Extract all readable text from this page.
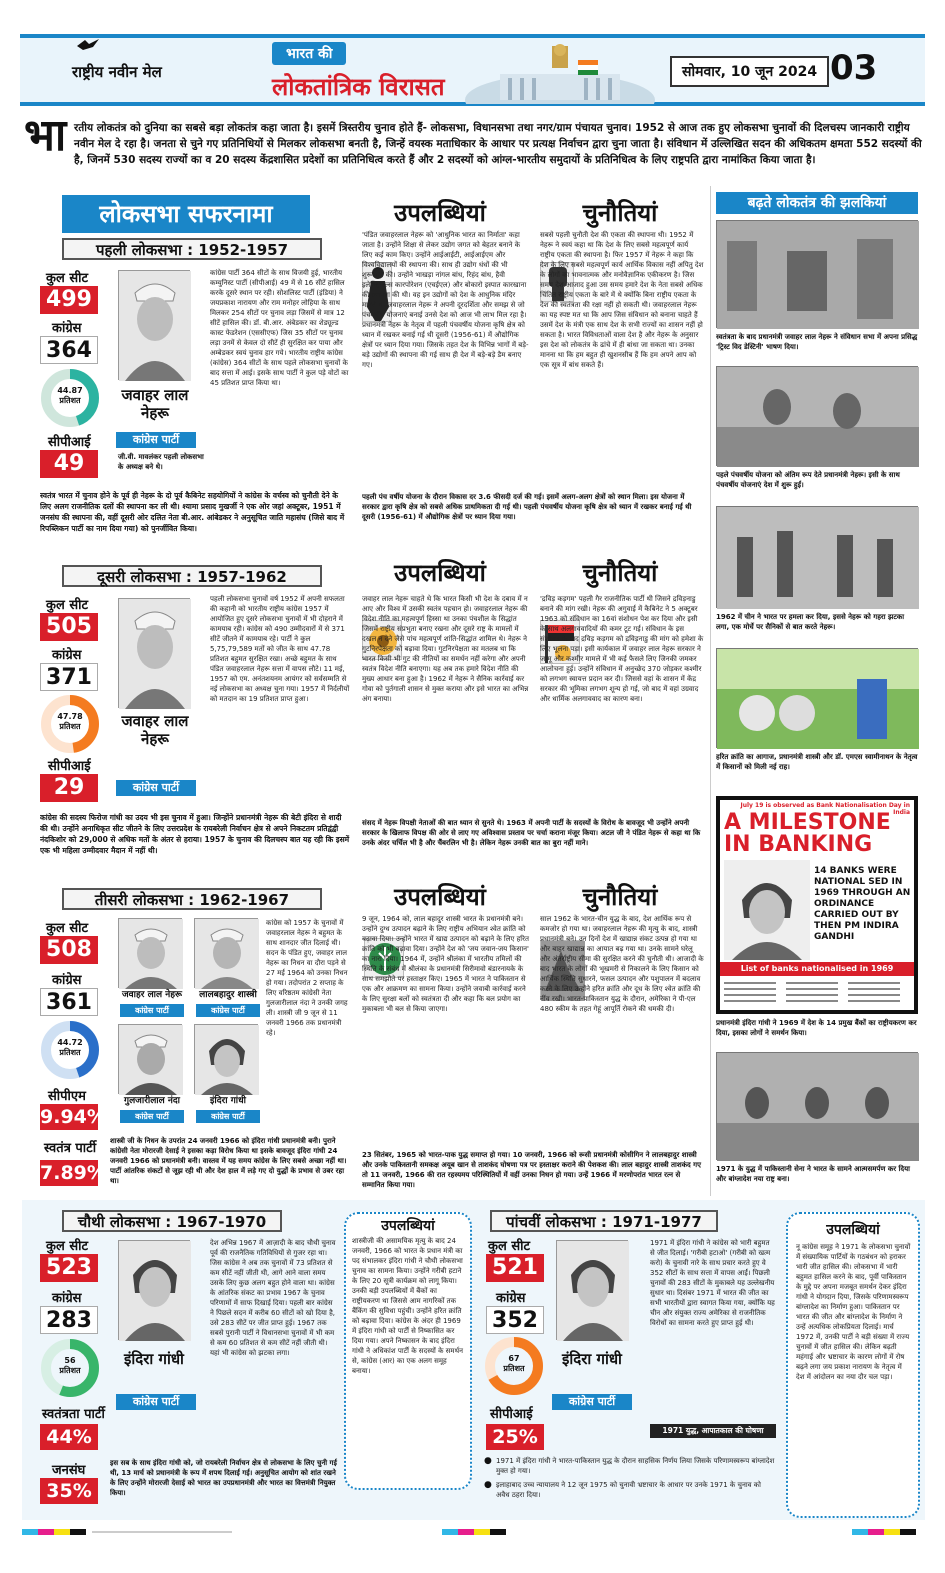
राष्ट्रीय नवीन मेल
भारत की
लोकतांत्रिक विरासत
सोमवार, 10 जून 2024 03
भा रतीय लोकतंत्र को दुनिया का सबसे बड़ा लोकतंत्र कहा जाता है। इसमें त्रिस्तरीय चुनाव होते हैं- लोकसभा, विधानसभा तथा नगर/ग्राम पंचायत चुनाव। 1952 से आज तक हुए लोकसभा चुनावों की दिलचस्प जानकारी राष्ट्रीय नवीन मेल दे रहा है। जनता से चुने गए प्रतिनिधियों से मिलकर लोकसभा बनती है, जिन्हें वयस्क मताधिकार के आधार पर प्रत्यक्ष निर्वाचन द्वारा चुना जाता है। संविधान में उल्लिखित सदन की अधिकतम क्षमता 552 सदस्यों की है, जिनमें 530 सदस्य राज्यों का व 20 सदस्य केंद्रशासित प्रदेशों का प्रतिनिधित्व करते हैं और 2 सदस्यों को आंग्ल-भारतीय समुदायों के प्रतिनिधित्व के लिए राष्ट्रपति द्वारा नामांकित किया जाता है।
लोकसभा सफरनामा
पहली लोकसभा : 1952-1957
कुल सीट
499
कांग्रेस
364
44.87
प्रतिशत
सीपीआई
49
जवाहर लाल नेहरू
कांग्रेस पार्टी
जी.वी. मावलंकर पहली लोकसभा के अध्यक्ष बने थे।
कांग्रेस पार्टी 364 सीटों के साथ विजयी हुई, भारतीय कम्युनिस्ट पार्टी (सीपीआई) 49 में से 16 सीटें हासिल करके दूसरे स्थान पर रही। सोशलिस्ट पार्टी (इंडिया) ने जयप्रकाश नारायण और राम मनोहर लोहिया के साथ मिलकर 254 सीटों पर चुनाव लड़ा जिसमें से मात्र 12 सीटें हासिल की। डॉ. बी.आर. अंबेडकर का शेड्यूल्ड कास्ट फेडरेशन (एससीएफ) जिस 35 सीटों पर चुनाव लड़ा उनमें से केवल दो सीटें ही सुरक्षित कर पाया और अम्बेडकर स्वयं चुनाव हार गये। भारतीय राष्ट्रीय कांग्रेस (कांग्रेस) 364 सीटों के साथ पहले लोकसभा चुनावों के बाद सत्ता में आई। इसके साथ पार्टी ने कुल पड़े वोटों का 45 प्रतिशत प्राप्त किया था।
स्वतंत्र भारत में चुनाव होने के पूर्व ही नेहरू के दो पूर्व कैबिनेट सहयोगियों ने कांग्रेस के वर्चस्व को चुनौती देने के लिए अलग राजनीतिक दलों की स्थापना कर ली थी। श्यामा प्रसाद मुखर्जी ने एक ओर जहां अक्टूबर, 1951 में जनसंघ की स्थापना की, वहीं दूसरी ओर दलित नेता बी.आर. आंबेडकर ने अनुसूचित जाति महासंघ (जिसे बाद में रिपब्लिकन पार्टी का नाम दिया गया) को पुनर्जीवित किया।
उपलब्धियां	चुनौतियां
'पंडित जवाहरलाल नेहरू को 'आधुनिक भारत का निर्माता' कहा जाता है। उन्होंने शिक्षा से लेकर उद्योग जगत को बेहतर बनाने के लिए कई काम किए। उन्होंने आईआईटी, आईआईएम और विश्वविद्यालयों की स्थापना की। साथ ही उद्योग धंधों की भी शुरूआत की। उन्होंने भाखड़ा नांगल बांध, रिहंद बांध, हैवी इलेक्ट्रिकल्स कारपोरेशन (एचईएल) और बोकारो इस्पात कारखाना की स्थापना की थी। वह इन उद्योगों को देश के आधुनिक मंदिर मानते थे। जवाहरलाल नेहरू ने अपनी दूरदर्शिता और समझ से जो पंचवर्षीय योजनाएं बनाई उनसे देश को आज भी लाभ मिल रहा है। प्रधानमंत्री नेहरू के नेतृत्व में पहली पंचवर्षीय योजना कृषि क्षेत्र को ध्यान में रखकर बनाई गई थी दूसरी (1956-61) में औद्योगिक क्षेत्रों पर ध्यान दिया गया। जिसके तहत देश के विभिन्न भागों में बड़े-बड़े उद्योगों की स्थापना की गई साथ ही देश में बड़े-बड़े डैम बनाए गए।
सबसे पहली चुनौती देश की एकता की स्थापना थी। 1952 में नेहरू ने स्वयं कहा था कि देश के लिए सबसे महत्वपूर्ण कार्य राष्ट्रीय एकता की स्थापना है। फिर 1957 में नेहरू ने कहा कि देश के लिए सबसे महत्वपूर्ण कार्य आर्थिक विकास नहीं अपितु देश के लोगों का भावनात्मक और मनोवैज्ञानिक एकीकरण है। जिस समय देश आजाद हुआ उस समय हमारे देश के नेता सबसे अधिक चिंतित राष्ट्रीय एकता के बारे में थे क्योंकि बिना राष्ट्रीय एकता के देश की स्वतंत्रता की रक्षा नहीं हो सकती थी। जवाहरलाल नेहरू का यह स्पष्ट मत था कि आप जिस संविधान को बनाना चाहते हैं उसमें देश के मंत्री एक साथ देश के सभी राज्यों का शासन नहीं हो सकता है। भारत विविधताओं वाला देश है और नेहरू के अनुसार इस देश को लोकतंत्र के ढांचे में ही बांधा जा सकता था। उनका मानना था कि हम बहुत ही खुशनसीब हैं कि हम अपने आप को एक सूत्र में बांध सकते हैं।
पहली पंच वर्षीय योजना के दौरान विकास दर 3.6 फीसदी दर्ज की गई। इसमें अलग-अलग क्षेत्रों को स्थान मिला। इस योजना में सरकार द्वारा कृषि क्षेत्र को सबसे अधिक प्राथमिकता दी गई थी। पहली पंचवर्षीय योजना कृषि क्षेत्र को ध्यान में रखकर बनाई गई थी दूसरी (1956-61) में औद्योगिक क्षेत्रों पर ध्यान दिया गया।
दूसरी लोकसभा : 1957-1962
कुल सीट
505
कांग्रेस
371
47.78
प्रतिशत
सीपीआई
29
जवाहर लाल नेहरू
कांग्रेस पार्टी
पहली लोकसभा चुनावों वर्ष 1952 में अपनी सफलता की कहानी को भारतीय राष्ट्रीय कांग्रेस 1957 में आयोजित हुए दूसरे लोकसभा चुनावों में भी दोहराने में कामयाब रही। कांग्रेस को 490 उम्मीदवारों में से 371 सीटें जीतने में कामयाब रहे। पार्टी ने कुल 5,75,79,589 मतों को जीत के साथ 47.78 प्रतिशत बहुमत सुरक्षित रखा। अच्छे बहुमत के साथ पंडित जवाहरलाल नेहरू सत्ता में वापस लौटे। 11 मई, 1957 को एम. अनंतशयनम आयंगर को सर्वसम्मति से नई लोकसभा का अध्यक्ष चुना गया। 1957 में निर्दलीयों को मतदान का 19 प्रतिशत प्राप्त हुआ।
कांग्रेस की सदस्य फिरोज गांधी का उदय भी इस चुनाव में हुआ। जिन्होंने प्रधानमंत्री नेहरू की बेटी इंदिरा से शादी की थी। उन्होंने अनाधिकृत सीट जीतने के लिए उत्तरप्रदेश के रायबरेली निर्वाचन क्षेत्र से अपने निकटतम प्रतिद्वंद्वी नंदकिशोर को 29,000 से अधिक मतों के अंतर से हराया। 1957 के चुनाव की दिलचस्प बात यह रही कि इसमें एक भी महिला उम्मीदवार मैदान में नहीं थी।
उपलब्धियां	चुनौतियां
जवाहर लाल नेहरू चाहते थे कि भारत किसी भी देश के दबाव में न आए और विश्व में उसकी स्वतंत्र पहचान हो। जवाहरलाल नेहरू की विदेश नीति का महत्वपूर्ण हिस्सा था उनका पंचशील के सिद्धांत जिसमें राष्ट्रीय संप्रभुता बनाए रखना और दूसरे राष्ट्र के मामलों में दखल न देने जैसे पांच महत्वपूर्ण शांति-सिद्धांत शामिल थे। नेहरू ने गुटनिरपेक्षता को बढ़ावा दिया। गुटनिरपेक्षता का मतलब था कि भारत किसी भी गुट की नीतियों का समर्थन नहीं करेगा और अपनी स्वतंत्र विदेश नीति बनाएगा। यह अब तक हमारे विदेश नीति की मुख्य आधार बना हुआ है। 1962 में नेहरू ने सैनिक कार्रवाई कर गोवा को पुर्तगाली शासन से मुक्त कराया और इसे भारत का अभिन्न अंग बनाया।
'द्रविड़ कड़गम' पहली गैर राजनीतिक पार्टी थी जिसने द्रविड़नाडु बनाने की मांग रखी। नेहरू की अगुवाई में कैबिनेट ने 5 अक्टूबर 1963 को संविधान का 16वां संशोधन पेश कर दिया और इसी के साथ अलगाववादियों की कमर टूट गई। संविधान के इस संशोधन के बाद द्रविड़ कड़गम को द्रविड़नाडु की मांग को हमेशा के लिए भूलना पड़ा। इसी कार्यकाल में जवाहर लाल नेहरू सरकार ने जम्मू और कश्मीर मामले में भी कई फैसले लिए जिनकी जमकर आलोचना हुई। उन्होंने संविधान में अनुच्छेद 370 जोड़कर कश्मीर को लगभग स्वायत्त प्रदान कर दी। जिससे वहां के शासन में केंद्र सरकार की भूमिका लगभग शून्य हो गई, जो बाद में वहां उग्रवाद और धार्मिक अलगाववाद का कारण बना।
संसद में नेहरू विपक्षी नेताओं की बात ध्यान से सुनते थे। 1963 में अपनी पार्टी के सदस्यों के विरोध के बावजूद भी उन्होंने अपनी सरकार के खिलाफ विपक्ष की ओर से लाए गए अविश्वास प्रस्ताव पर चर्चा कराना मंजूर किया। अटल जी ने पंडित नेहरू से कहा था कि उनके अंदर चर्चिल भी है और चैंबरलिन भी है। लेकिन नेहरू उनकी बात का बुरा नहीं माने।
तीसरी लोकसभा : 1962-1967
कुल सीट
508
कांग्रेस
361
44.72
प्रतिशत
सीपीएम
9.94%
स्वतंत्र पार्टी
7.89%
जवाहर लाल नेहरू
कांग्रेस पार्टी
लालबहादुर शास्त्री
कांग्रेस पार्टी
गुलजारीलाल नंदा
कांग्रेस पार्टी
इंदिरा गांधी
कांग्रेस पार्टी
कांग्रेस को 1957 के चुनावों में जवाहरलाल नेहरू ने बहुमत के साथ शानदार जीत दिलाई थी। सदन के पंडित हुए, जवाहर लाल नेहरू का निधन वा दौरा पड़ने से 27 मई 1964 को उनका निधन हो गया। तदोपरांत 2 सप्ताह के लिए वरिष्ठतम कांग्रेसी नेता गुलजारीलाल नंदा ने उनकी जगह ली। शास्त्री जी 9 जून से 11 जनवरी 1966 तक प्रधानमंत्री रहे।
शास्त्री जी के निधन के उपरांत 24 जनवरी 1966 को इंदिरा गांधी प्रधानमंत्री बनी। पुराने कांग्रेसी नेता मोरारजी देसाई ने इसका कड़ा विरोध किया था इसके बावजूद इंदिरा गांधी 24 जनवरी 1966 को प्रधानमंत्री बनी। वास्तव में यह समय कांग्रेस के लिए सबसे अच्छा नहीं था। पार्टी आंतरिक संकटों से जूझ रही थी और देश हाल में लड़े गए दो युद्धों के प्रभाव से उबर रहा था।
उपलब्धियां	चुनौतियां
9 जून, 1964 को, लाल बहादुर शास्त्री भारत के प्रधानमंत्री बने। उन्होंने दुग्ध उत्पादन बढ़ाने के लिए राष्ट्रीय अभियान श्वेत क्रांति को बढ़ावा दिया। उन्होंने भारत में खाद्य उत्पादन को बढ़ाने के लिए हरित क्रांति को भी बढ़ावा दिया। उन्होंने देश को 'जय जवान-जय किसान' का नारा दिया। 1964 में, उन्होंने श्रीलंका में भारतीय तमिलों की स्थिति के संबंध में श्रीलंका के प्रधानमंत्री सिरीमावो बंडारनायके के साथ समझौते पर हस्ताक्षर किए। 1965 में भारत ने पाकिस्तान से एक और आक्रमण का सामना किया। उन्होंने जवाबी कार्रवाई करने के लिए सुरक्षा बलों को स्वतंत्रता दी और कहा कि बल प्रयोग का मुकाबला भी बल से किया जाएगा।
साल 1962 के भारत-चीन युद्ध के बाद, देश आर्थिक रूप से कमजोर हो गया था। जवाहरलाल नेहरू की मृत्यु के बाद, शास्त्री प्रधानमंत्री बने। उन दिनों देश में खाद्यान्न संकट उत्पन्न हो गया था और बाहर खाद्यान्न का आयात बढ़ गया था। उनके सामने घरेलू और अंतर्राष्ट्रीय सीमा की सुरक्षित करने की चुनौती थी। आजादी के बाद भारत के लोगों की भूखमरी से निकालने के लिए किसान को आर्थिक स्थिति सुधारने, फसल उत्पादन और पशुपालन में बदलाव करने के लिए उन्होंने हरित क्रांति और दूध के लिए श्वेत क्रांति की नींव रखी। भारत-पाकिस्तान युद्ध के दौरान, अमेरिका ने पी-एल 480 स्कीम के तहत गेहूं आपूर्ति रोकने की धमकी दी।
23 सितंबर, 1965 को भारत-पाक युद्ध समाप्त हो गया। 10 जनवरी, 1966 को रूसी प्रधानमंत्री कोसीगिन ने लालबहादुर शास्त्री और उनके पाकिस्तानी समकक्ष अयूब खान से ताशकंद घोषणा पत्र पर हस्ताक्षर कराने की पेशकश की। लाल बहादुर शास्त्री ताशकंद गए तो 11 जनवरी, 1966 की रात रहस्यमय परिस्थितियों में वहीं उनका निधन हो गया। उन्हें 1966 में मरणोपरांत भारत रत्न से सम्मानित किया गया।
चौथी लोकसभा : 1967-1970
कुल सीट
523
कांग्रेस
283
56
प्रतिशत
स्वतंत्रता पार्टी
44%
जनसंघ
35%
इंदिरा गांधी
कांग्रेस पार्टी
देश अभिन्न 1967 में आज़ादी के बाद चौथी चुनाव पूर्व की राजनैतिक गतिविधियों से गुजर रहा था। जिस कांग्रेस ने अब तक चुनावों में 73 प्रतिशत से कम सीटें नहीं जीती थी, आगे आने वाला समय उसके लिए कुछ अलग बहुत होने वाला था। कांग्रेस के आंतरिक संकट का प्रभाव 1967 के चुनाव परिणामों में साफ दिखाई दिया। पहली बार कांग्रेस ने पिछले सदन में करीब 60 सीटों को खो दिया है, उसे 283 सीटें पर जीत प्राप्त हुई। 1967 तक सबसे पुरानी पार्टी ने विधानसभा चुनावों में भी कम से कम 60 प्रतिशत से कम सीटें नहीं जीती थी। यहां भी कांग्रेस को झटका लगा।
इस सब के साथ इंदिरा गांधी को, जो रायबरेली निर्वाचन क्षेत्र से लोकसभा के लिए चुनी गई थी, 13 मार्च को प्रधानमंत्री के रूप में शपथ दिलाई गई। अनुसूचित आयोग को शांत रखने के लिए उन्होंने मोरारजी देसाई को भारत का उपप्रधानमंत्री और भारत का वित्तमंत्री नियुक्त किया।
उपलब्धियां
शास्त्रीजी की असामयिक मृत्यु के बाद 24 जनवरी, 1966 को भारत के प्रधान मंत्री का पद संभालकर इंदिरा गांधी ने चौथी लोकसभा चुनाव का सामना किया। उन्होंने गरीबी हटाने के लिए 20 सूत्री कार्यक्रम को लागू किया। उनकी बड़ी उपलब्धियों में बैंकों का राष्ट्रीयकरण था जिससे आम नागरिकों तक बैंकिंग की सुविधा पहुंची। उन्होंने हरित क्रांति को बढ़ावा दिया। कांग्रेस के अंदर ही 1969 में इंदिरा गांधी को पार्टी से निष्कासित कर दिया गया। अपने निष्कासन के बाद इंदिरा गांधी ने अधिकांश पार्टी के सदस्यों के समर्थन से, कांग्रेस (आर) का एक अलग समूह बनाया।
● 1971 में इंदिरा गांधी ने भारत-पाकिस्तान युद्ध के दौरान साहसिक निर्णय लिया जिसके परिणामस्वरूप बांग्लादेश मुक्त हो गया।
● इलाहाबाद उच्च न्यायालय ने 12 जून 1975 को चुनावी भ्रष्टाचार के आधार पर उनके 1971 के चुनाव को अवैध ठहरा दिया।
पांचवीं लोकसभा : 1971-1977
कुल सीट
521
कांग्रेस
352
67
प्रतिशत
सीपीआई
25%
इंदिरा गांधी
कांग्रेस पार्टी
1971 में इंदिरा गांधी ने कांग्रेस को भारी बहुमत से जीत दिलाई। 'गरीबी हटाओ' (गरीबी को खत्म करो) के चुनावी नारे के साथ प्रचार करते हुए वे 352 सीटों के साथ सत्ता में वापस आईं। पिछली चुनावों की 283 सीटों के मुकाबले यह उल्लेखनीय सुधार था। दिसंबर 1971 में भारत की जीत का सभी भारतीयों द्वारा स्वागत किया गया, क्योंकि यह चीन और संयुक्त राज्य अमेरिका से राजनीतिक विरोधों का सामना करते हुए प्राप्त हुई थी।
1971 युद्ध, आपातकाल की घोषणा
उपलब्धियां
नू कांग्रेस समूह ने 1971 के लोकसभा चुनावों में संख्यायिक पार्टियों के गठबंधन को हराकर भारी जीत हासिल की। लोकसभा में भारी बहुमत हासिल करने के बाद, पूर्वी पाकिस्तान के मुद्दे पर अपना मजबूत समर्थन देकर इंदिरा गांधी ने योगदान दिया, जिसके परिणामस्वरूप बांग्लादेश का निर्माण हुआ। पाकिस्तान पर भारत की जीत और बांग्लादेश के निर्माण ने उन्हें अत्यधिक लोकप्रियता दिलाई। मार्च 1972 में, उनकी पार्टी ने बड़ी संख्या में राज्य चुनावों में जीत हासिल की। लेकिन बढ़ती महंगाई और भ्रष्टाचार के कारण लोगों में रोष बढ़ने लगा जय प्रकाश नारायण के नेतृत्व में देश में आंदोलन का नया दौर चल पड़ा।
बढ़ते लोकतंत्र की झलकियां
स्वतंत्रता के बाद प्रधानमंत्री जवाहर लाल नेहरू ने संविधान सभा में अपना प्रसिद्ध 'ट्रिस्ट विद डेस्टिनी' भाषण दिया।
पहले पंचवर्षीय योजना को अंतिम रूप देते प्रधानमंत्री नेहरू। इसी के साथ पंचवर्षीय योजनाएं देश में शुरू हुईं।
1962 में चीन ने भारत पर हमला कर दिया, इससे नेहरू को गहरा झटका लगा, एक मोर्चे पर सैनिकों से बात करते नेहरू।
हरित क्रांति का आगाज, प्रधानमंत्री शास्त्री और डॉ. एमएस स्वामीनाथन के नेतृत्व में किसानों को मिली नई राह।
July 19 is observed as Bank Nationalisation Day in India
A MILESTONE
IN BANKING
14 BANKS WERE NATIONAL SED IN 1969 THROUGH AN ORDINANCE CARRIED OUT BY THEN PM INDIRA GANDHI
List of banks nationalised in 1969
प्रधानमंत्री इंदिरा गांधी ने 1969 में देश के 14 प्रमुख बैंकों का राष्ट्रीयकरण कर दिया, इसका लोगों ने समर्थन किया।
1971 के युद्ध में पाकिस्तानी सेना ने भारत के सामने आत्मसमर्पण कर दिया और बांग्लादेश नया राष्ट्र बना।
